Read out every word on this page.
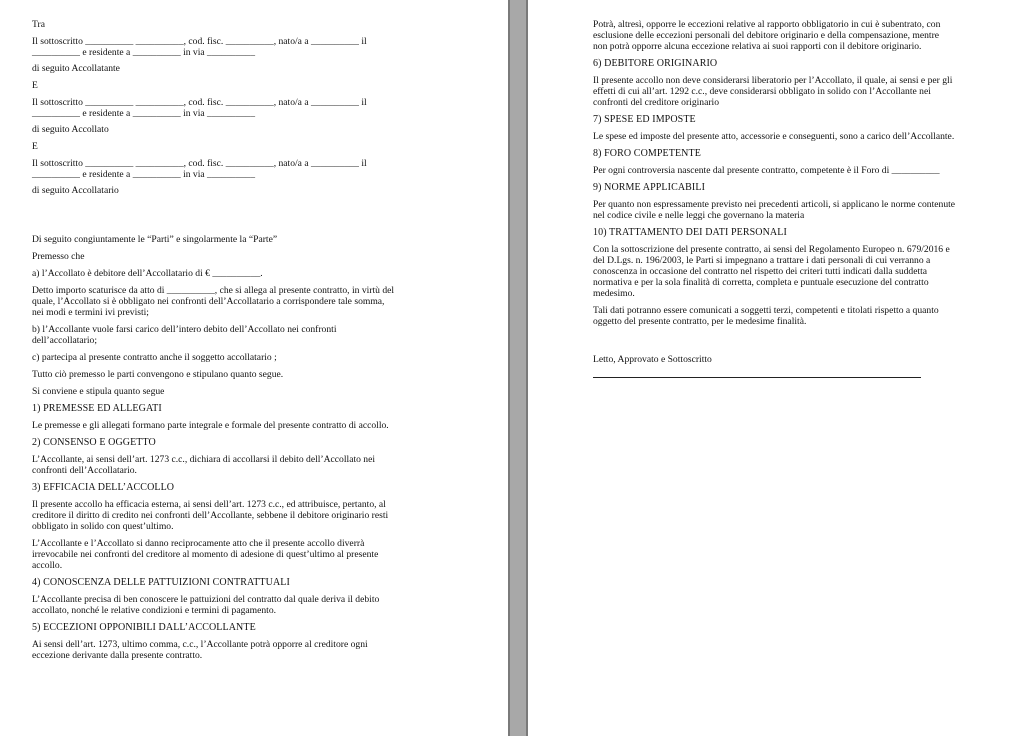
Tra

Il sottoscritto __________ __________, cod. fisc. __________, nato/a a __________ il
__________ e residente a __________ in via __________
di seguito Accollatante

E

Il sottoscritto __________ __________, cod. fisc. __________, nato/a a __________ il
__________ e residente a __________ in via __________
di seguito Accollato

E

Il sottoscritto __________ __________, cod. fisc. __________, nato/a a __________ il
__________ e residente a __________ in via __________
di seguito Accollatario

Di seguito congiuntamente le “Parti” e singolarmente la “Parte”

Premesso che

a) l’Accollato è debitore dell’Accollatario di € __________.

Detto importo scaturisce da atto di __________, che si allega al presente contratto, in virtù del
quale, l’Accollato si è obbligato nei confronti dell’Accollatario a corrispondere tale somma,
nei modi e termini ivi previsti;

b) l’Accollante vuole farsi carico dell’intero debito dell’Accollato nei confronti
dell’accollatario;

c) partecipa al presente contratto anche il soggetto accollatario ;

Tutto ciò premesso le parti convengono e stipulano quanto segue.

Si conviene e stipula quanto segue

1) PREMESSE ED ALLEGATI

Le premesse e gli allegati formano parte integrale e formale del presente contratto di accollo.

2) CONSENSO E OGGETTO

L’Accollante, ai sensi dell’art. 1273 c.c., dichiara di accollarsi il debito dell’Accollato nei
confronti dell’Accollatario.

3) EFFICACIA DELL’ACCOLLO

Il presente accollo ha efficacia esterna, ai sensi dell’art. 1273 c.c., ed attribuisce, pertanto, al
creditore il diritto di credito nei confronti dell’Accollante, sebbene il debitore originario resti
obbligato in solido con quest’ultimo.

L’Accollante e l’Accollato si danno reciprocamente atto che il presente accollo diverrà
irrevocabile nei confronti del creditore al momento di adesione di quest’ultimo al presente
accollo.

4) CONOSCENZA DELLE PATTUIZIONI CONTRATTUALI

L’Accollante precisa di ben conoscere le pattuizioni del contratto dal quale deriva il debito
accollato, nonché le relative condizioni e termini di pagamento.

5) ECCEZIONI OPPONIBILI DALL’ACCOLLANTE

Ai sensi dell’art. 1273, ultimo comma, c.c., l’Accollante potrà opporre al creditore ogni
eccezione derivante dalla presente contratto.

Potrà, altresì, opporre le eccezioni relative al rapporto obbligatorio in cui è subentrato, con
esclusione delle eccezioni personali del debitore originario e della compensazione, mentre
non potrà opporre alcuna eccezione relativa ai suoi rapporti con il debitore originario.

6) DEBITORE ORIGINARIO

Il presente accollo non deve considerarsi liberatorio per l’Accollato, il quale, ai sensi e per gli
effetti di cui all’art. 1292 c.c., deve considerarsi obbligato in solido con l’Accollante nei
confronti del creditore originario

7) SPESE ED IMPOSTE

Le spese ed imposte del presente atto, accessorie e conseguenti, sono a carico dell’Accollante.

8) FORO COMPETENTE

Per ogni controversia nascente dal presente contratto, competente è il Foro di __________

9) NORME APPLICABILI

Per quanto non espressamente previsto nei precedenti articoli, si applicano le norme contenute
nel codice civile e nelle leggi che governano la materia

10) TRATTAMENTO DEI DATI PERSONALI

Con la sottoscrizione del presente contratto, ai sensi del Regolamento Europeo n. 679/2016 e
del D.Lgs. n. 196/2003, le Parti si impegnano a trattare i dati personali di cui verranno a
conoscenza in occasione del contratto nel rispetto dei criteri tutti indicati dalla suddetta
normativa e per la sola finalità di corretta, completa e puntuale esecuzione del contratto
medesimo.

Tali dati potranno essere comunicati a soggetti terzi, competenti e titolati rispetto a quanto
oggetto del presente contratto, per le medesime finalità.

Letto, Approvato e Sottoscritto
